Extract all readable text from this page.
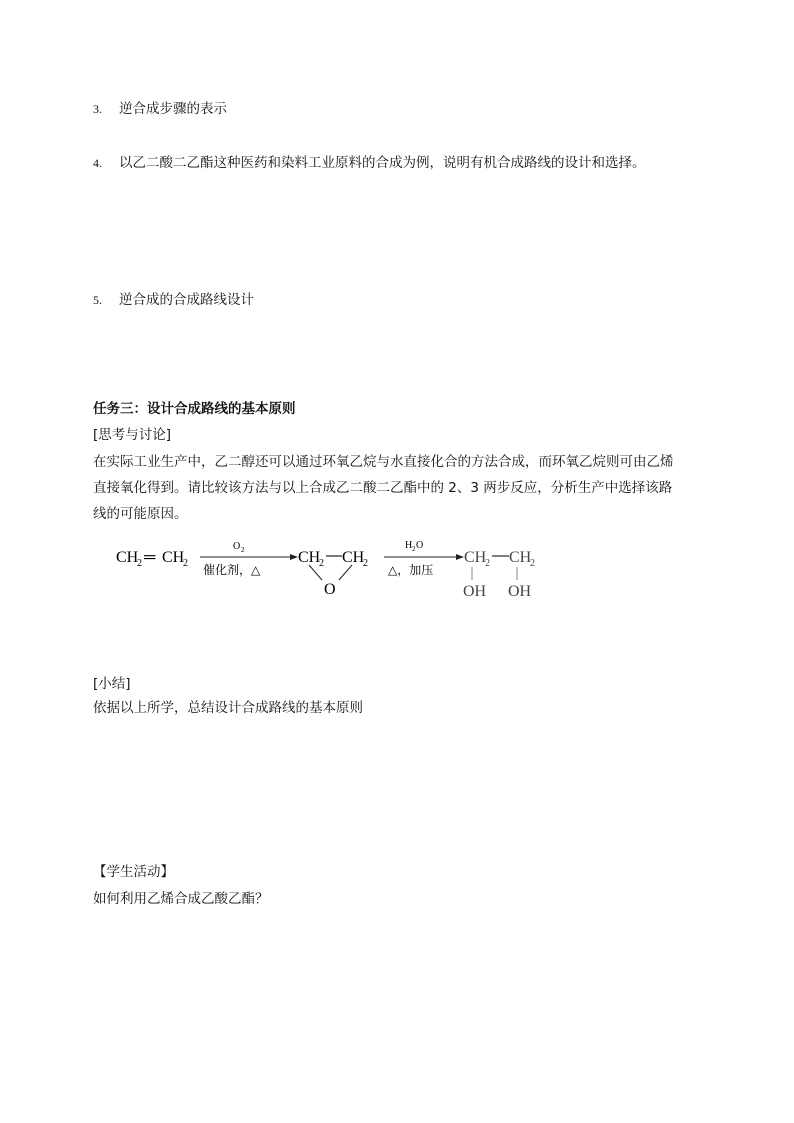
3. 逆合成步骤的表示
4. 以乙二酸二乙酯这种医药和染料工业原料的合成为例，说明有机合成路线的设计和选择。
5. 逆合成的合成路线设计
任务三：设计合成路线的基本原则
[思考与讨论]
在实际工业生产中，乙二醇还可以通过环氧乙烷与水直接化合的方法合成，而环氧乙烷则可由乙烯
直接氧化得到。请比较该方法与以上合成乙二酸二乙酯中的 2、3 两步反应，分析生产中选择该路
线的可能原因。
CH
2 ═ CH
2
O 2
催化剂，△
CH
2 CH
2
O
H 2 O
△，加压
CH
2 CH
2
OH OH
[小结]
依据以上所学，总结设计合成路线的基本原则
【学生活动】
如何利用乙烯合成乙酸乙酯？
